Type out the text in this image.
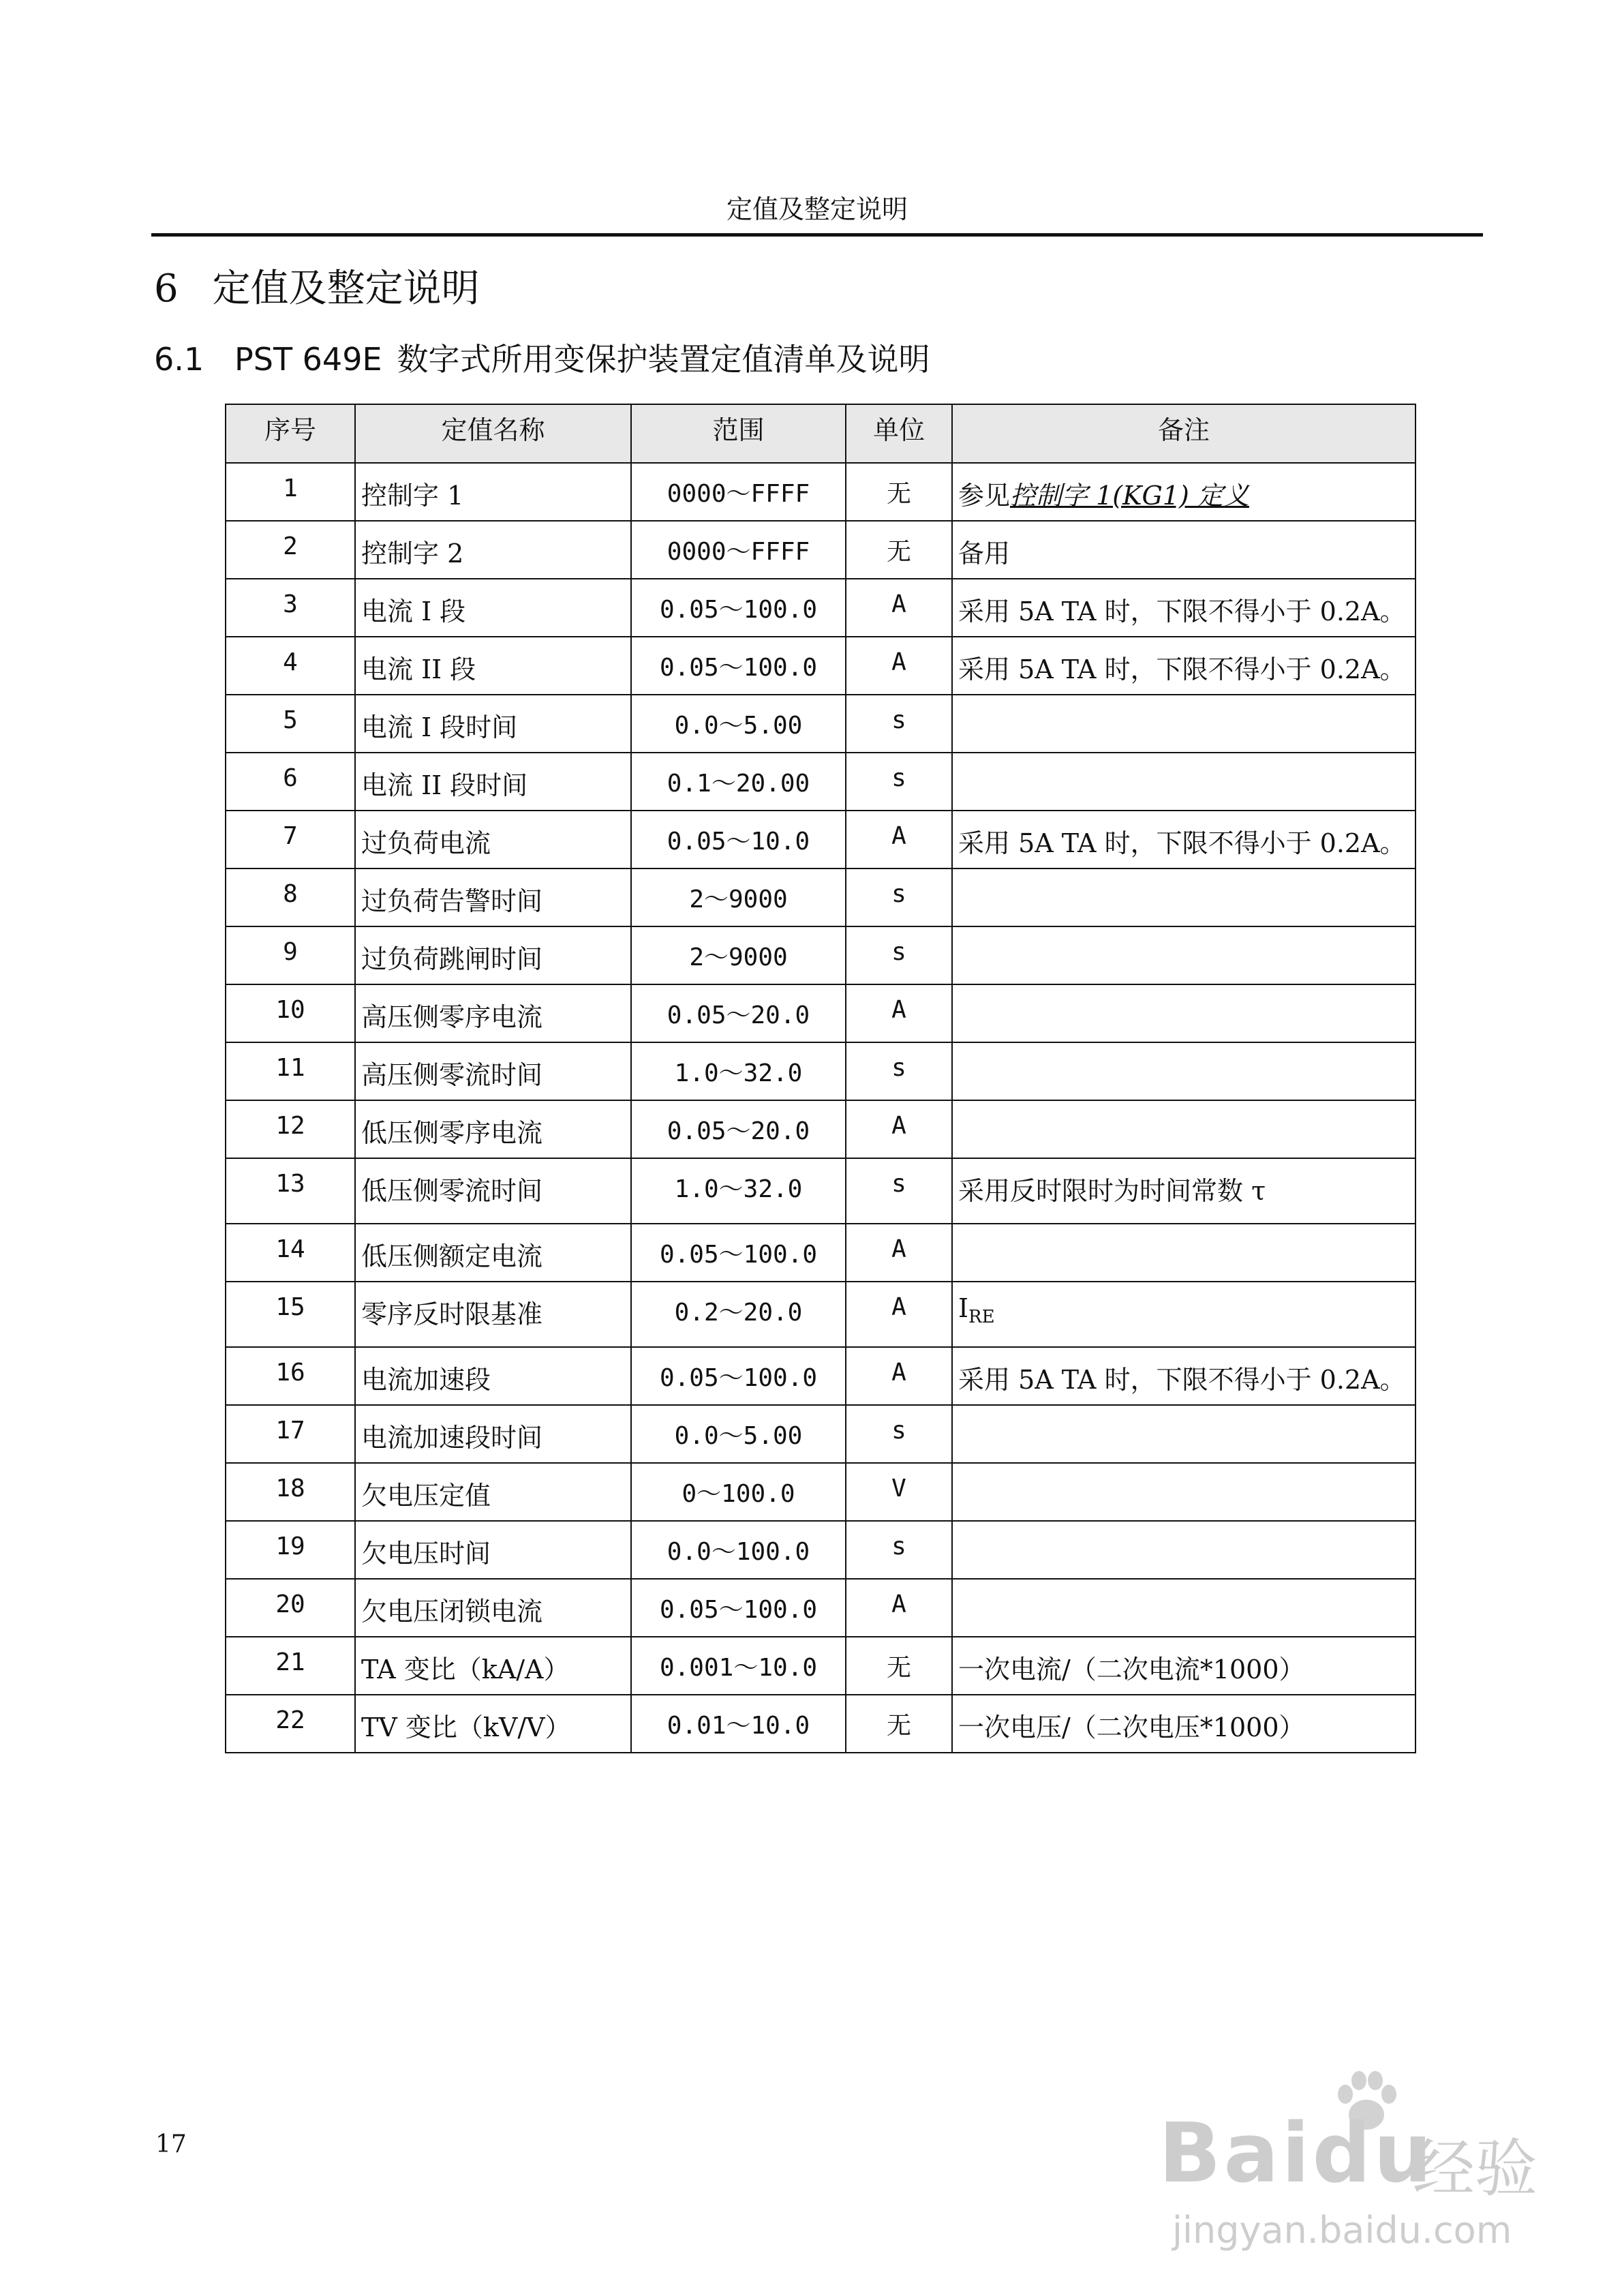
定值及整定说明
6 定值及整定说明
6.1 PST 649E 数字式所用变保护装置定值清单及说明
序号	定值名称	范围	单位	备注
1	控制字 1	0000～FFFF	无	参见控制字 1(KG1) 定义
2	控制字 2	0000～FFFF	无	备用
3	电流 I 段	0.05～100.0	A	采用 5A TA 时，下限不得小于 0.2A。
4	电流 II 段	0.05～100.0	A	采用 5A TA 时，下限不得小于 0.2A。
5	电流 I 段时间	0.0～5.00	s	
6	电流 II 段时间	0.1～20.00	s	
7	过负荷电流	0.05～10.0	A	采用 5A TA 时，下限不得小于 0.2A。
8	过负荷告警时间	2～9000	s	
9	过负荷跳闸时间	2～9000	s	
10	高压侧零序电流	0.05～20.0	A	
11	高压侧零流时间	1.0～32.0	s	
12	低压侧零序电流	0.05～20.0	A	
13	低压侧零流时间	1.0～32.0	s	采用反时限时为时间常数 τ
14	低压侧额定电流	0.05～100.0	A	
15	零序反时限基准	0.2～20.0	A	$I_{RE}$
16	电流加速段	0.05～100.0	A	采用 5A TA 时，下限不得小于 0.2A。
17	电流加速段时间	0.0～5.00	s	
18	欠电压定值	0～100.0	V	
19	欠电压时间	0.0～100.0	s	
20	欠电压闭锁电流	0.05～100.0	A	
21	TA 变比（kA/A）	0.001～10.0	无	一次电流/（二次电流*1000）
22	TV 变比（kV/V）	0.01～10.0	无	一次电压/（二次电压*1000）
17	Baidu
经验
jingyan.baidu.com
